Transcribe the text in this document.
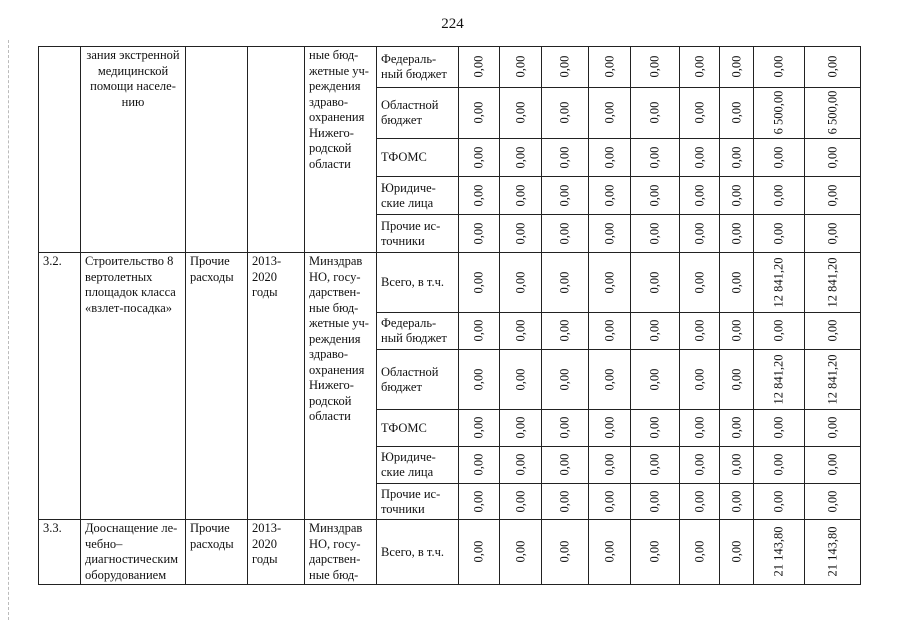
224
	зания экстренной медицинской помощи населе-нию			ные бюд-жетные уч-реждения здраво-охранения Нижего-родской области	Федераль-ный бюджет	0,00	0,00	0,00	0,00	0,00	0,00	0,00	0,00	0,00
					Областной бюджет	0,00	0,00	0,00	0,00	0,00	0,00	0,00	6 500,00	6 500,00
					ТФОМС	0,00	0,00	0,00	0,00	0,00	0,00	0,00	0,00	0,00
					Юридиче-ские лица	0,00	0,00	0,00	0,00	0,00	0,00	0,00	0,00	0,00
					Прочие ис-точники	0,00	0,00	0,00	0,00	0,00	0,00	0,00	0,00	0,00
3.2.	Строительство 8 вертолетных площадок класса «взлет-посадка»	Прочие расходы	2013-2020 годы	Минздрав НО, госу-дарствен-ные бюд-жетные уч-реждения здраво-охранения Нижего-родской области	Всего, в т.ч.	0,00	0,00	0,00	0,00	0,00	0,00	0,00	12 841,20	12 841,20
					Федераль-ный бюджет	0,00	0,00	0,00	0,00	0,00	0,00	0,00	0,00	0,00
					Областной бюджет	0,00	0,00	0,00	0,00	0,00	0,00	0,00	12 841,20	12 841,20
					ТФОМС	0,00	0,00	0,00	0,00	0,00	0,00	0,00	0,00	0,00
					Юридиче-ские лица	0,00	0,00	0,00	0,00	0,00	0,00	0,00	0,00	0,00
					Прочие ис-точники	0,00	0,00	0,00	0,00	0,00	0,00	0,00	0,00	0,00
3.3.	Дооснащение ле-чебно–диагностическим оборудованием	Прочие расходы	2013-2020 годы	Минздрав НО, госу-дарствен-ные бюд-	Всего, в т.ч.	0,00	0,00	0,00	0,00	0,00	0,00	0,00	21 143,80	21 143,80
